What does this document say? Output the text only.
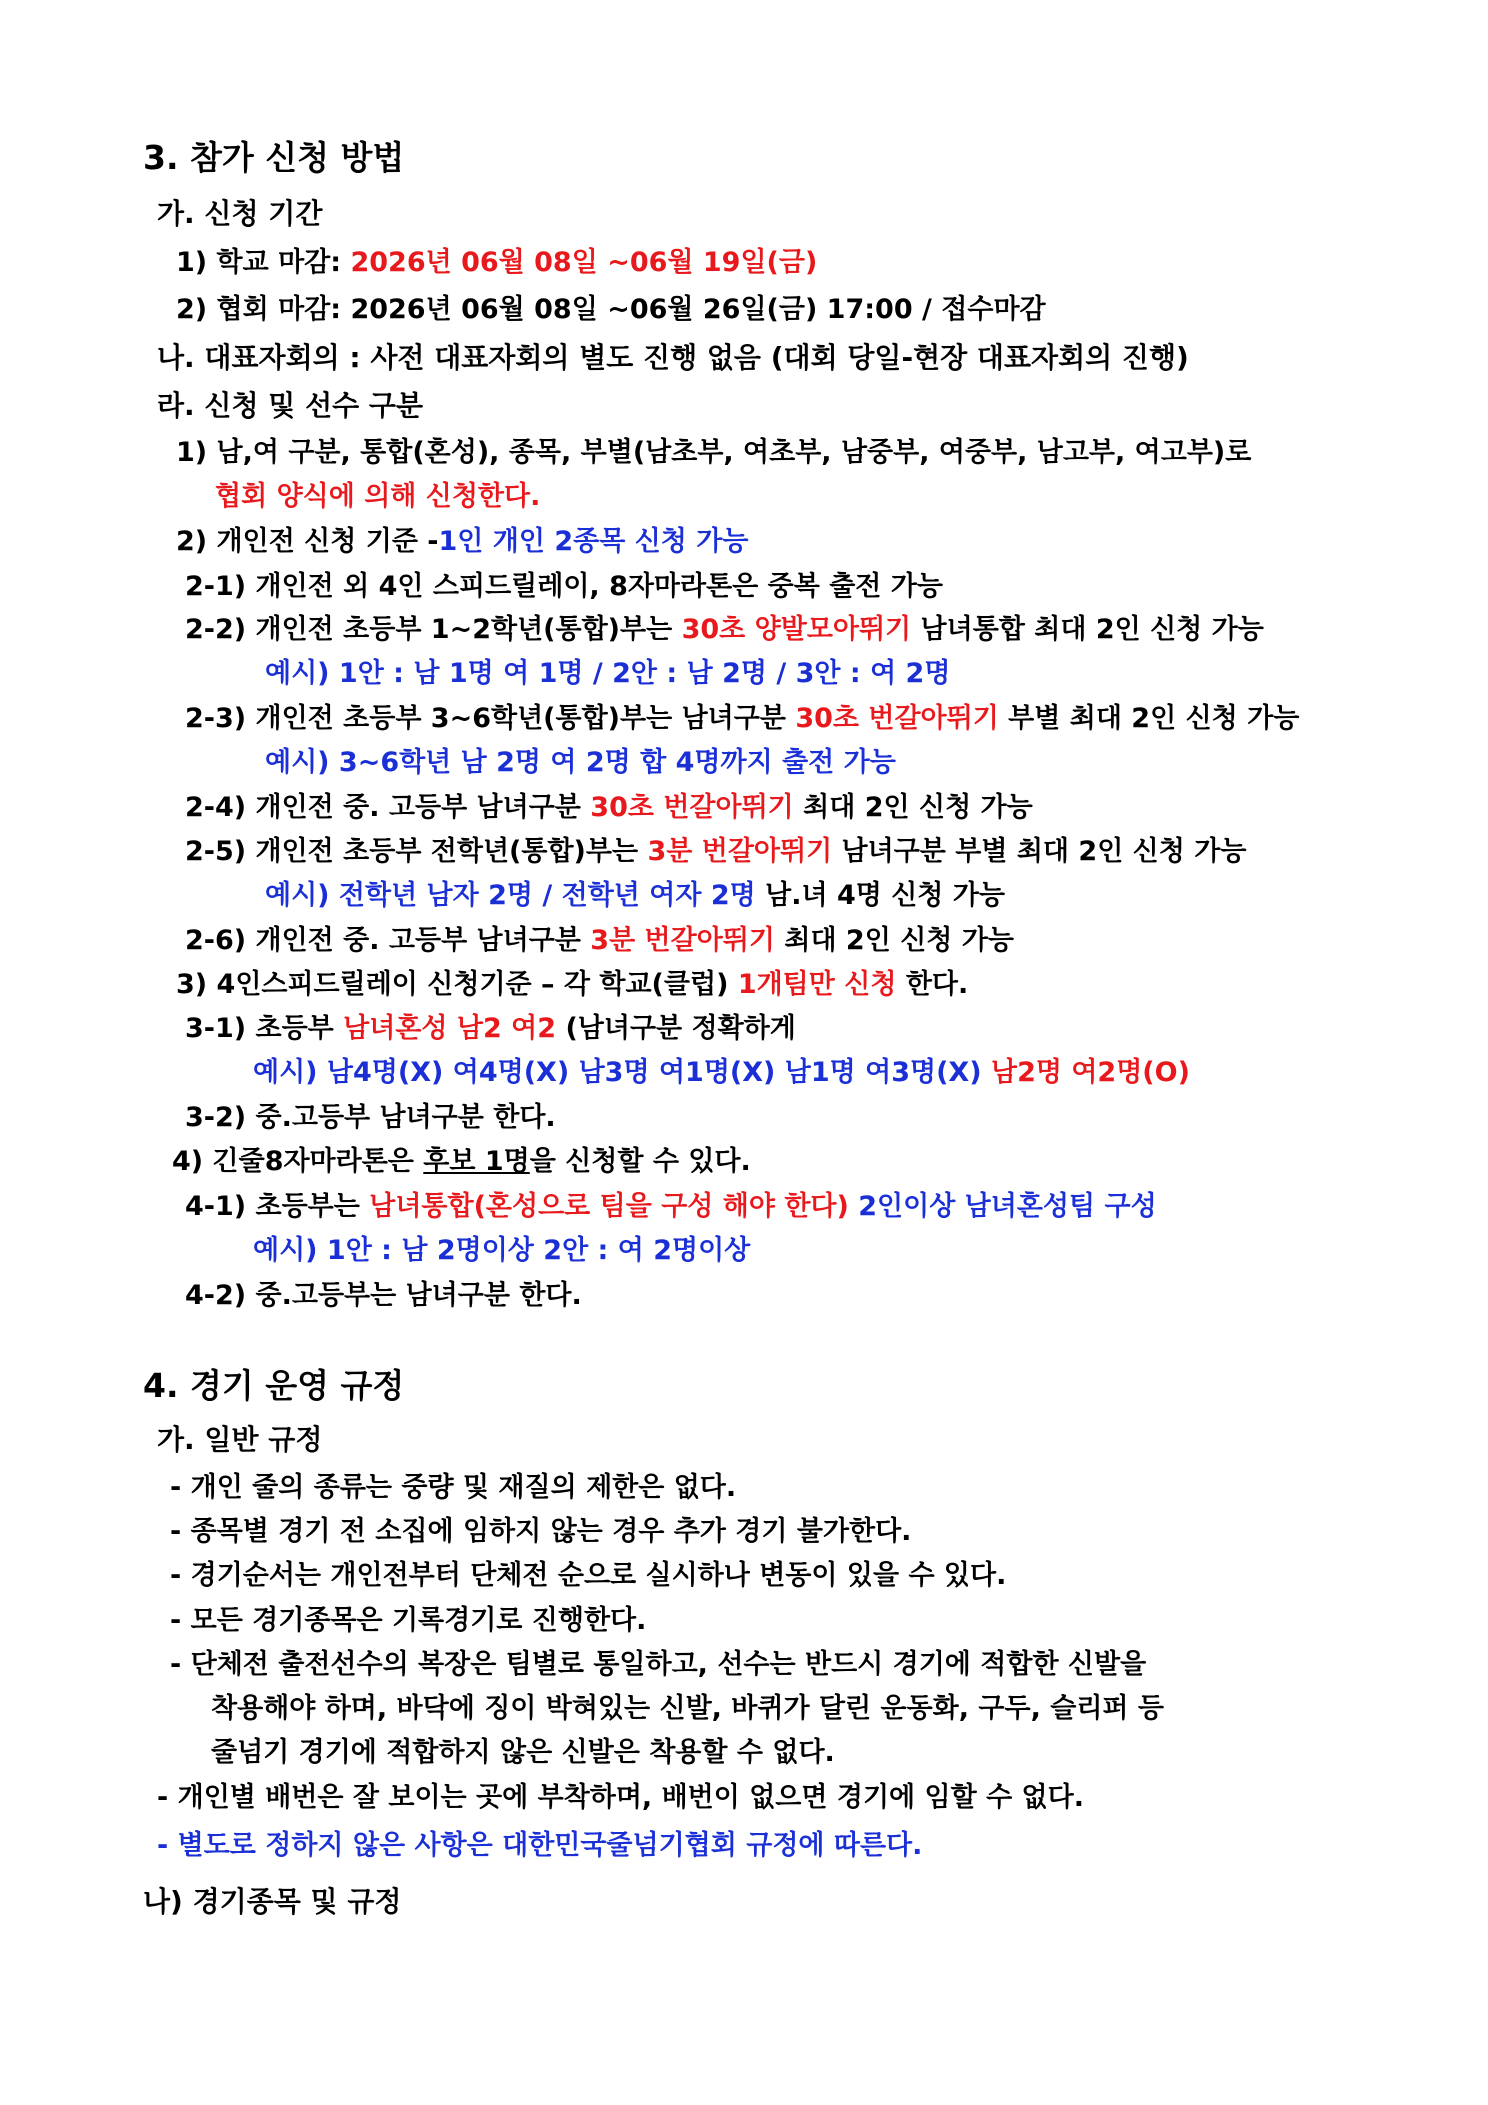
3. 참가 신청 방법
가. 신청 기간
1) 학교 마감: 2026년 06월 08일 ~06월 19일(금)
2) 협회 마감: 2026년 06월 08일 ~06월 26일(금) 17:00 / 접수마감
나. 대표자회의 : 사전 대표자회의 별도 진행 없음 (대회 당일-현장 대표자회의 진행)
라. 신청 및 선수 구분
1) 남,여 구분, 통합(혼성), 종목, 부별(남초부, 여초부, 남중부, 여중부, 남고부, 여고부)로
협회 양식에 의해 신청한다.
2) 개인전 신청 기준 -1인 개인 2종목 신청 가능
2-1) 개인전 외 4인 스피드릴레이, 8자마라톤은 중복 출전 가능
2-2) 개인전 초등부 1~2학년(통합)부는 30초 양발모아뛰기 남녀통합 최대 2인 신청 가능
예시) 1안 : 남 1명 여 1명 / 2안 : 남 2명 / 3안 : 여 2명
2-3) 개인전 초등부 3~6학년(통합)부는 남녀구분 30초 번갈아뛰기 부별 최대 2인 신청 가능
예시) 3~6학년 남 2명 여 2명 합 4명까지 출전 가능
2-4) 개인전 중. 고등부 남녀구분 30초 번갈아뛰기 최대 2인 신청 가능
2-5) 개인전 초등부 전학년(통합)부는 3분 번갈아뛰기 남녀구분 부별 최대 2인 신청 가능
예시) 전학년 남자 2명 / 전학년 여자 2명 남.녀 4명 신청 가능
2-6) 개인전 중. 고등부 남녀구분 3분 번갈아뛰기 최대 2인 신청 가능
3) 4인스피드릴레이 신청기준 – 각 학교(클럽) 1개팀만 신청 한다.
3-1) 초등부 남녀혼성 남2 여2 (남녀구분 정확하게
예시) 남4명(X) 여4명(X) 남3명 여1명(X) 남1명 여3명(X) 남2명 여2명(O)
3-2) 중.고등부 남녀구분 한다.
4) 긴줄8자마라톤은 후보 1명을 신청할 수 있다.
4-1) 초등부는 남녀통합(혼성으로 팀을 구성 해야 한다) 2인이상 남녀혼성팀 구성
예시) 1안 : 남 2명이상 2안 : 여 2명이상
4-2) 중.고등부는 남녀구분 한다.
4. 경기 운영 규정
가. 일반 규정
- 개인 줄의 종류는 중량 및 재질의 제한은 없다.
- 종목별 경기 전 소집에 임하지 않는 경우 추가 경기 불가한다.
- 경기순서는 개인전부터 단체전 순으로 실시하나 변동이 있을 수 있다.
- 모든 경기종목은 기록경기로 진행한다.
- 단체전 출전선수의 복장은 팀별로 통일하고, 선수는 반드시 경기에 적합한 신발을
착용해야 하며, 바닥에 징이 박혀있는 신발, 바퀴가 달린 운동화, 구두, 슬리퍼 등
줄넘기 경기에 적합하지 않은 신발은 착용할 수 없다.
- 개인별 배번은 잘 보이는 곳에 부착하며, 배번이 없으면 경기에 임할 수 없다.
- 별도로 정하지 않은 사항은 대한민국줄넘기협회 규정에 따른다.
나) 경기종목 및 규정
